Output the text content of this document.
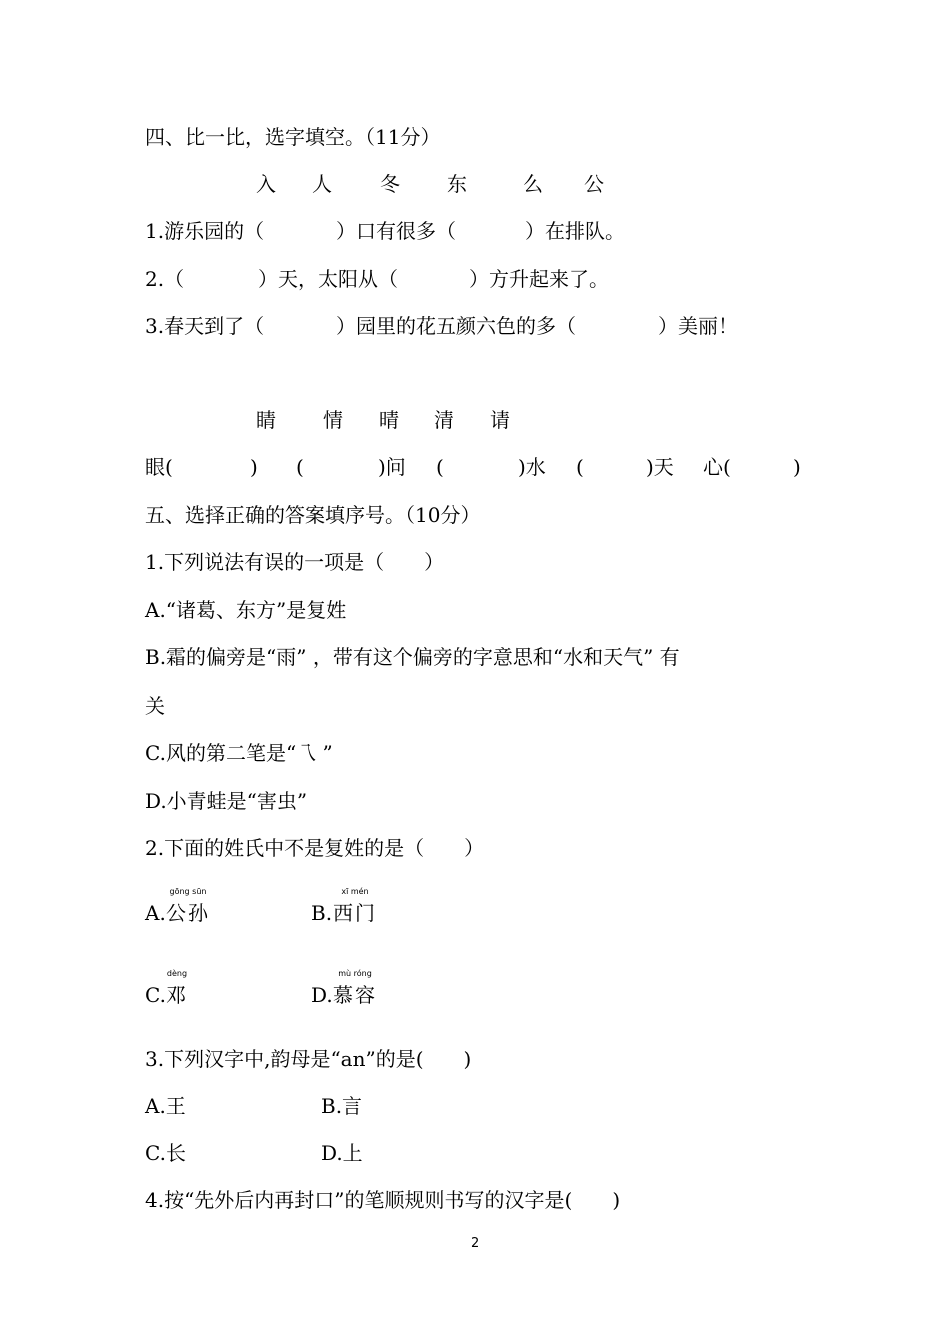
四、比一比，选字填空。（11分）
入 人 冬 东	么 公
1.游乐园的（	）口有很多（	）在排队。
2.（	）天，太阳从（	）方升起来了。
3.春天到了（	）园里的花五颜六色的多（	）美丽！
睛 情 晴 清 请
眼(	) (	)问 (	)水 (	)天 心(	)
五、选择正确的答案填序号。（10分）
1.下列说法有误的一项是（　　）
A.“诸葛、东方”是复姓
B.霜的偏旁是“雨” ，带有这个偏旁的字意思和“水和天气” 有
关
C.风的第二笔是“乁 ”
D.小青蛙是“害虫”
2.下面的姓氏中不是复姓的是（　　）
A.
gōng sūn
公孙	B.
xī mén
西门
C.
dèng
邓	D.
mù róng
慕容
3.下列汉字中,韵母是“an”的是(　　)
A.王	B.言
C.长	D.上
4.按“先外后内再封口”的笔顺规则书写的汉字是(　　)
2
